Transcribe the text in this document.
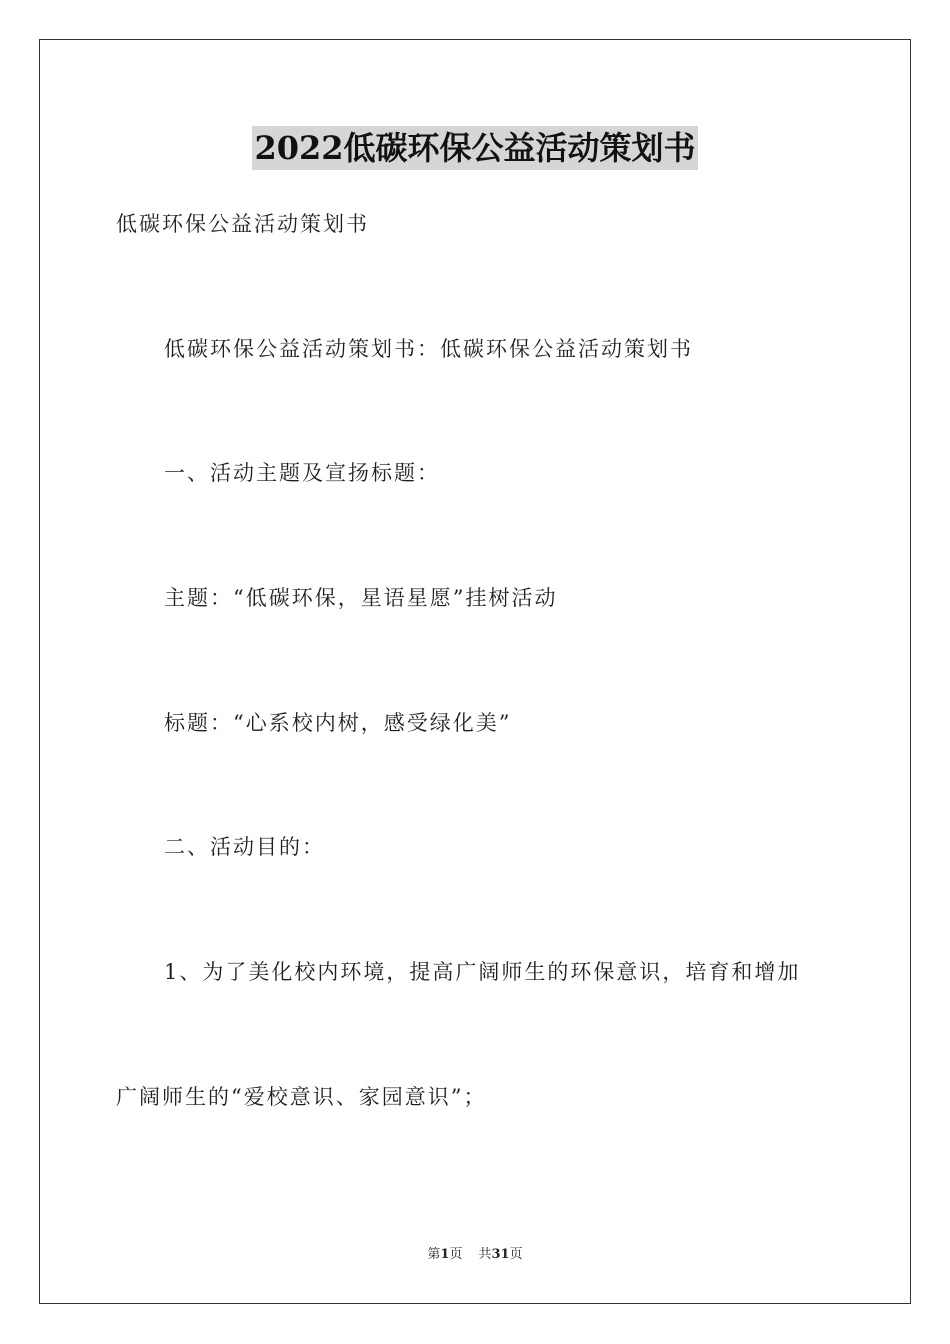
2022低碳环保公益活动策划书
低碳环保公益活动策划书
低碳环保公益活动策划书：低碳环保公益活动策划书
一、活动主题及宣扬标题：
主题：“低碳环保，星语星愿”挂树活动
标题：“心系校内树，感受绿化美”
二、活动目的：
1、为了美化校内环境，提高广阔师生的环保意识，培育和增加
广阔师生的“爱校意识、家园意识”；
第1页 共31页
